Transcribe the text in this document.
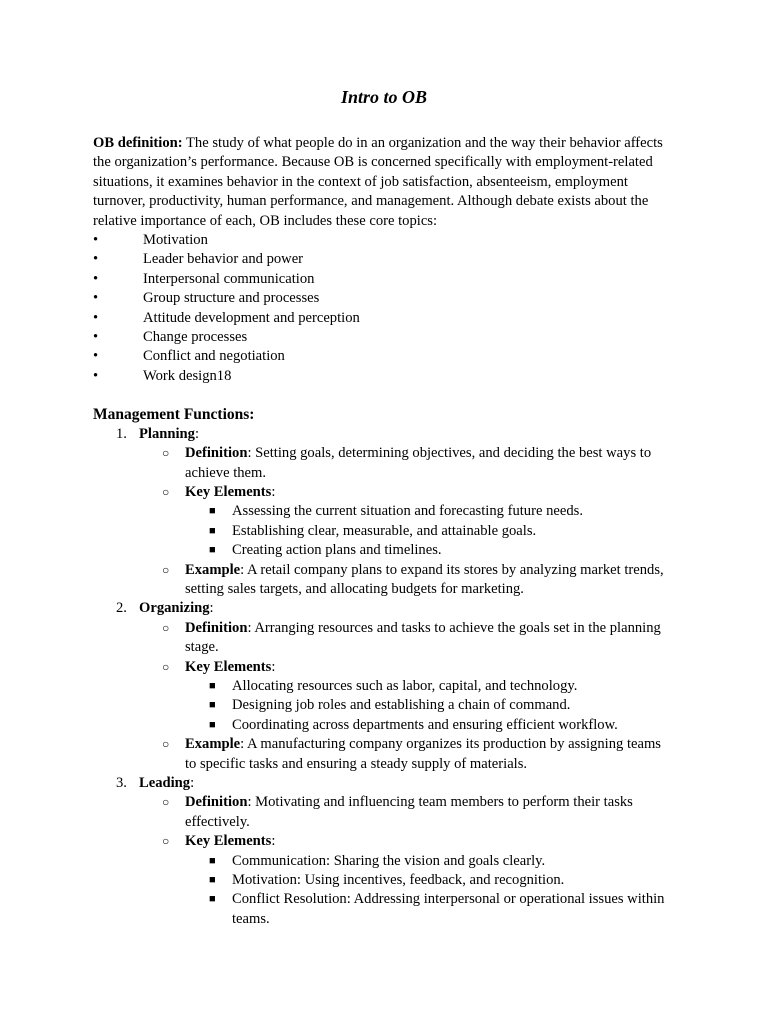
Intro to OB

OB definition: The study of what people do in an organization and the way their behavior affects the organization’s performance. Because OB is concerned specifically with employment-related situations, it examines behavior in the context of job satisfaction, absenteeism, employment turnover, productivity, human performance, and management. Although debate exists about the relative importance of each, OB includes these core topics:

•	Motivation
•	Leader behavior and power
•	Interpersonal communication
•	Group structure and processes
•	Attitude development and perception
•	Change processes
•	Conflict and negotiation
•	Work design18

Management Functions:

1. Planning:
○ Definition: Setting goals, determining objectives, and deciding the best ways to achieve them.
○ Key Elements:
■ Assessing the current situation and forecasting future needs.
■ Establishing clear, measurable, and attainable goals.
■ Creating action plans and timelines.
○ Example: A retail company plans to expand its stores by analyzing market trends, setting sales targets, and allocating budgets for marketing.
2. Organizing:
○ Definition: Arranging resources and tasks to achieve the goals set in the planning stage.
○ Key Elements:
■ Allocating resources such as labor, capital, and technology.
■ Designing job roles and establishing a chain of command.
■ Coordinating across departments and ensuring efficient workflow.
○ Example: A manufacturing company organizes its production by assigning teams to specific tasks and ensuring a steady supply of materials.
3. Leading:
○ Definition: Motivating and influencing team members to perform their tasks effectively.
○ Key Elements:
■ Communication: Sharing the vision and goals clearly.
■ Motivation: Using incentives, feedback, and recognition.
■ Conflict Resolution: Addressing interpersonal or operational issues within teams.
